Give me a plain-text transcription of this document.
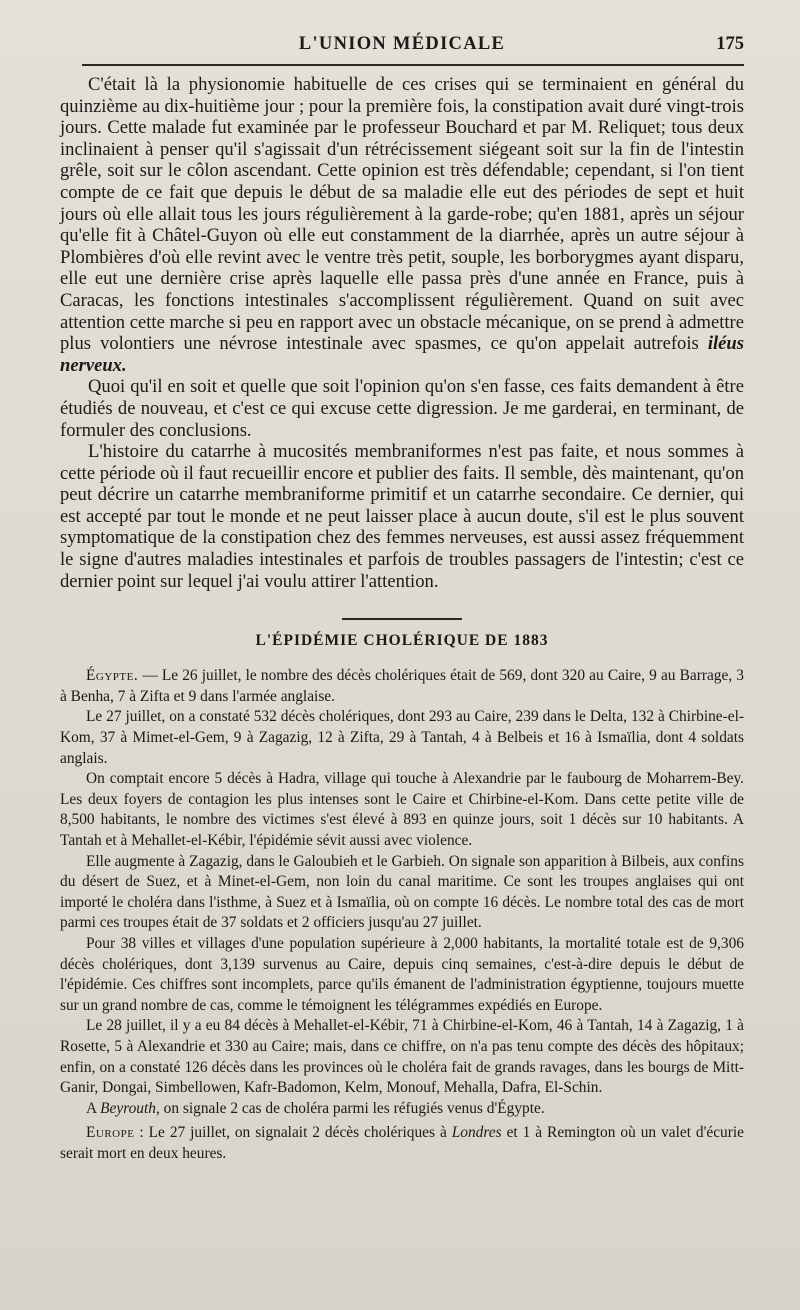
L'UNION MÉDICALE	175

C'était là la physionomie habituelle de ces crises qui se terminaient en général du quinzième au dix-huitième jour ; pour la première fois, la constipation avait duré vingt-trois jours. Cette malade fut examinée par le professeur Bouchard et par M. Reliquet; tous deux inclinaient à penser qu'il s'agissait d'un rétrécissement siégeant soit sur la fin de l'intestin grêle, soit sur le côlon ascendant. Cette opinion est très défendable; cependant, si l'on tient compte de ce fait que depuis le début de sa maladie elle eut des périodes de sept et huit jours où elle allait tous les jours régulièrement à la garde-robe; qu'en 1881, après un séjour qu'elle fit à Châtel-Guyon où elle eut constamment de la diarrhée, après un autre séjour à Plombières d'où elle revint avec le ventre très petit, souple, les borborygmes ayant disparu, elle eut une dernière crise après laquelle elle passa près d'une année en France, puis à Caracas, les fonctions intestinales s'accomplissent régulièrement. Quand on suit avec attention cette marche si peu en rapport avec un obstacle mécanique, on se prend à admettre plus volontiers une névrose intestinale avec spasmes, ce qu'on appelait autrefois iléus nerveux.

Quoi qu'il en soit et quelle que soit l'opinion qu'on s'en fasse, ces faits demandent à être étudiés de nouveau, et c'est ce qui excuse cette digression. Je me garderai, en terminant, de formuler des conclusions.

L'histoire du catarrhe à mucosités membraniformes n'est pas faite, et nous sommes à cette période où il faut recueillir encore et publier des faits. Il semble, dès maintenant, qu'on peut décrire un catarrhe membraniforme primitif et un catarrhe secondaire. Ce dernier, qui est accepté par tout le monde et ne peut laisser place à aucun doute, s'il est le plus souvent symptomatique de la constipation chez des femmes nerveuses, est aussi assez fréquemment le signe d'autres maladies intestinales et parfois de troubles passagers de l'intestin; c'est ce dernier point sur lequel j'ai voulu attirer l'attention.

L'ÉPIDÉMIE CHOLÉRIQUE DE 1883

Égypte. — Le 26 juillet, le nombre des décès cholériques était de 569, dont 320 au Caire, 9 au Barrage, 3 à Benha, 7 à Zifta et 9 dans l'armée anglaise.

Le 27 juillet, on a constaté 532 décès cholériques, dont 293 au Caire, 239 dans le Delta, 132 à Chirbine-el-Kom, 37 à Mimet-el-Gem, 9 à Zagazig, 12 à Zifta, 29 à Tantah, 4 à Belbeis et 16 à Ismaïlia, dont 4 soldats anglais.

On comptait encore 5 décès à Hadra, village qui touche à Alexandrie par le faubourg de Moharrem-Bey. Les deux foyers de contagion les plus intenses sont le Caire et Chirbine-el-Kom. Dans cette petite ville de 8,500 habitants, le nombre des victimes s'est élevé à 893 en quinze jours, soit 1 décès sur 10 habitants. A Tantah et à Mehallet-el-Kébir, l'épidémie sévit aussi avec violence.

Elle augmente à Zagazig, dans le Galoubieh et le Garbieh. On signale son apparition à Bilbeis, aux confins du désert de Suez, et à Minet-el-Gem, non loin du canal maritime. Ce sont les troupes anglaises qui ont importé le choléra dans l'isthme, à Suez et à Ismaïlia, où on compte 16 décès. Le nombre total des cas de mort parmi ces troupes était de 37 soldats et 2 officiers jusqu'au 27 juillet.

Pour 38 villes et villages d'une population supérieure à 2,000 habitants, la mortalité totale est de 9,306 décès cholériques, dont 3,139 survenus au Caire, depuis cinq semaines, c'est-à-dire depuis le début de l'épidémie. Ces chiffres sont incomplets, parce qu'ils émanent de l'administration égyptienne, toujours muette sur un grand nombre de cas, comme le témoignent les télégrammes expédiés en Europe.

Le 28 juillet, il y a eu 84 décès à Mehallet-el-Kébir, 71 à Chirbine-el-Kom, 46 à Tantah, 14 à Zagazig, 1 à Rosette, 5 à Alexandrie et 330 au Caire; mais, dans ce chiffre, on n'a pas tenu compte des décès des hôpitaux; enfin, on a constaté 126 décès dans les provinces où le choléra fait de grands ravages, dans les bourgs de Mitt-Ganir, Dongai, Simbellowen, Kafr-Badomon, Kelm, Monouf, Mehalla, Dafra, El-Schin.

A Beyrouth, on signale 2 cas de choléra parmi les réfugiés venus d'Égypte.

Europe : Le 27 juillet, on signalait 2 décès cholériques à Londres et 1 à Remington où un valet d'écurie serait mort en deux heures.
